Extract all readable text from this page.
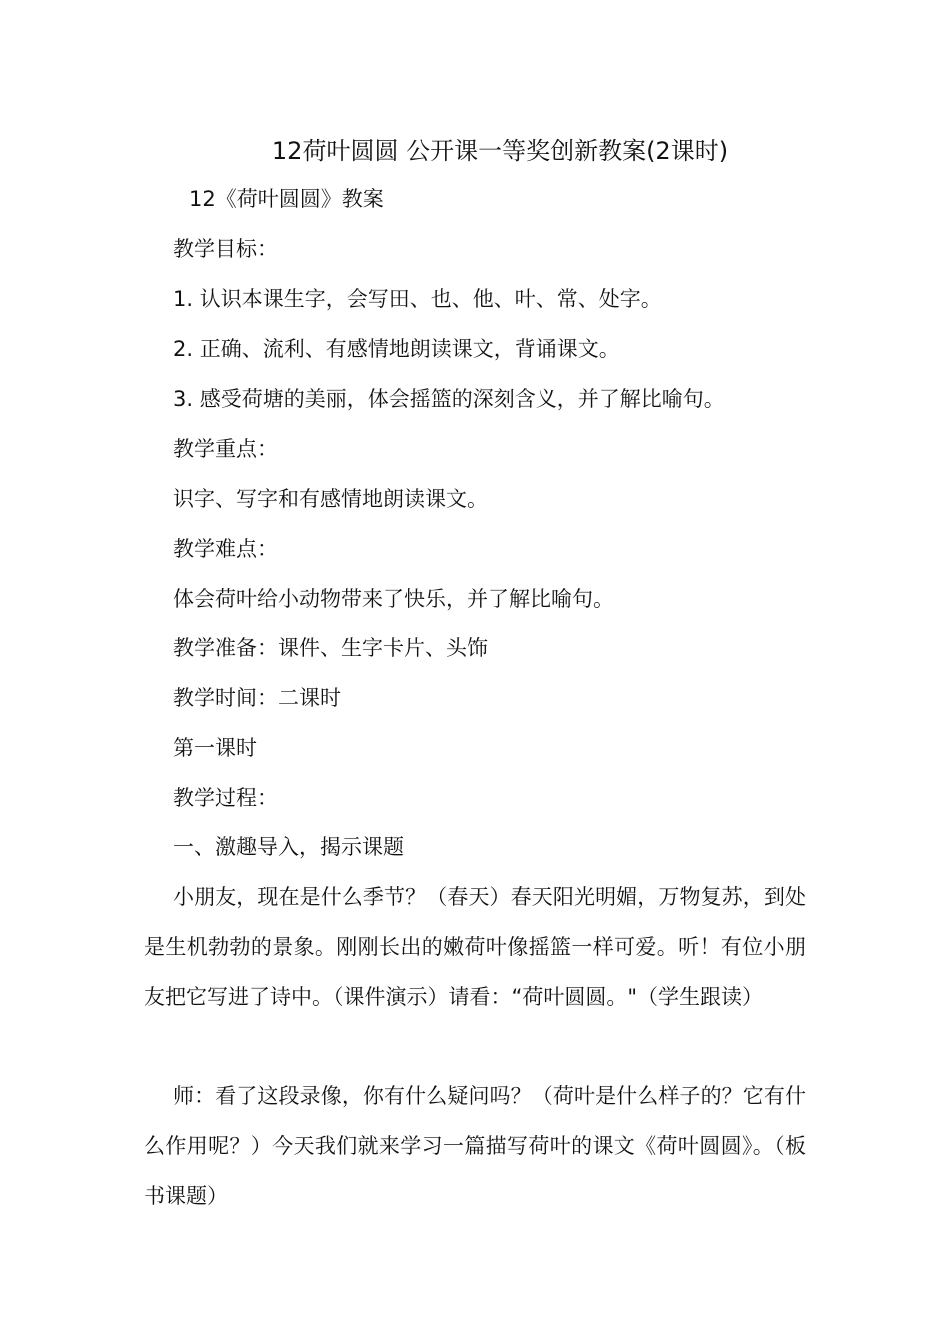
12荷叶圆圆 公开课一等奖创新教案(2课时)
12《荷叶圆圆》教案
教学目标：
1. 认识本课生字，会写田、也、他、叶、常、处字。
2. 正确、流利、有感情地朗读课文，背诵课文。
3. 感受荷塘的美丽，体会摇篮的深刻含义，并了解比喻句。
教学重点：
识字、写字和有感情地朗读课文。
教学难点：
体会荷叶给小动物带来了快乐，并了解比喻句。
教学准备：课件、生字卡片、头饰
教学时间：二课时
第一课时
教学过程：
一、激趣导入，揭示课题

小朋友，现在是什么季节？（春天）春天阳光明媚，万物复苏，到处是生机勃勃的景象。刚刚长出的嫩荷叶像摇篮一样可爱。听！有位小朋友把它写进了诗中。（课件演示）请看：“荷叶圆圆。"（学生跟读）

师：看了这段录像，你有什么疑问吗？（荷叶是什么样子的？它有什么作用呢？）今天我们就来学习一篇描写荷叶的课文《荷叶圆圆》。（板书课题）
